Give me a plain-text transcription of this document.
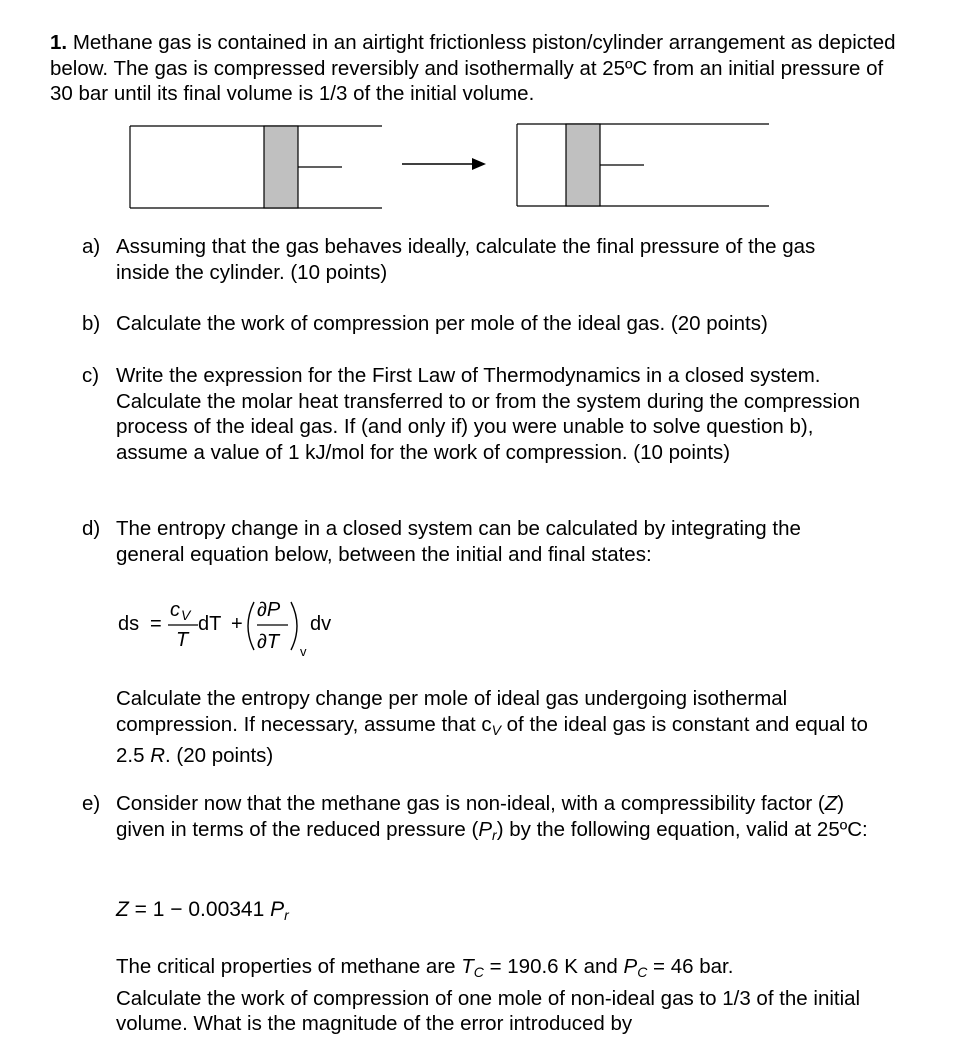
1. Methane gas is contained in an airtight frictionless piston/cylinder arrangement as depicted below. The gas is compressed reversibly and isothermally at 25ºC from an initial pressure of 30 bar until its final volume is 1/3 of the initial volume.

a) Assuming that the gas behaves ideally, calculate the final pressure of the gas inside the cylinder. (10 points)
b) Calculate the work of compression per mole of the ideal gas. (20 points)
c) Write the expression for the First Law of Thermodynamics in a closed system. Calculate the molar heat transferred to or from the system during the compression process of the ideal gas. If (and only if) you were unable to solve question b), assume a value of 1 kJ/mol for the work of compression. (10 points)
d) The entropy change in a closed system can be calculated by integrating the general equation below, between the initial and final states:
ds =
c V
T
dT +
∂P
∂T v
dv
Calculate the entropy change per mole of ideal gas undergoing isothermal compression. If necessary, assume that $c_V$ of the ideal gas is constant and equal to 2.5 R. (20 points)
e) Consider now that the methane gas is non-ideal, with a compressibility factor (Z) given in terms of the reduced pressure $(P_r)$ by the following equation, valid at 25ºC:
Z = 1 − 0.00341 $P_r$
The critical properties of methane are $T_C = 190.6$ K and $P_C = 46$ bar.
Calculate the work of compression of one mole of non-ideal gas to 1/3 of the initial volume. What is the magnitude of the error introduced by
